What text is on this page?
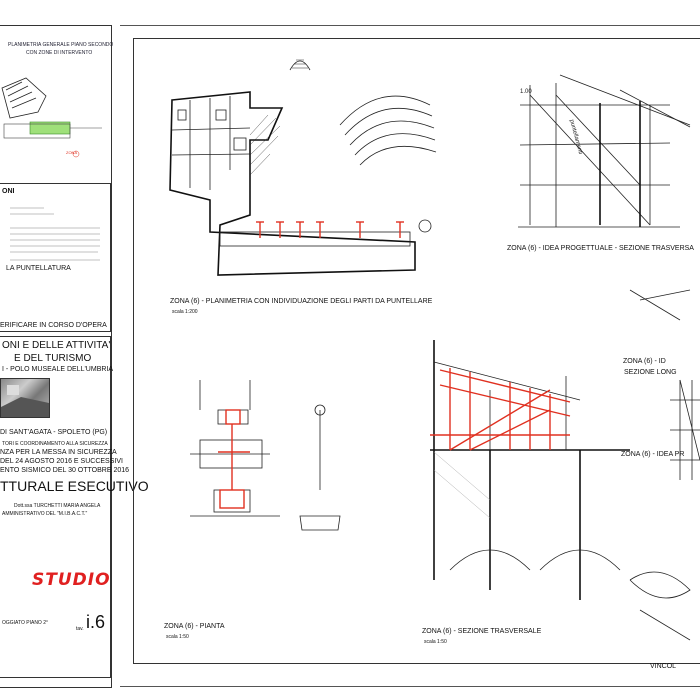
PLANIMETRIA GENERALE PIANO SECONDO
CON ZONE DI INTERVENTO
ZONA
ONI
LA PUNTELLATURA
ERIFICARE IN CORSO D'OPERA
ONI E DELLE ATTIVITA'
E DEL TURISMO
I - POLO MUSEALE DELL'UMBRIA
DI SANT'AGATA - SPOLETO (PG)
TORI E COORDINAMENTO ALLA SICUREZZA
NZA PER LA MESSA IN SICUREZZA
DEL 24 AGOSTO 2016 E SUCCESSIVI
ENTO SISMICO DEL 30 OTTOBRE 2016
TTURALE ESECUTIVO
Dott.ssa TURCHETTI MARIA ANGELA
AMMINISTRATIVO DEL "M.I.B.A.C.T."
STUDIO
OGGIATO PIANO 2°
tav. i.6
ZONA (6) - PLANIMETRIA CON INDIVIDUAZIONE DEGLI PARTI DA PUNTELLARE
scala 1:200
puntellamenti
1.00
ZONA (6) - IDEA PROGETTUALE - SEZIONE TRASVERSA
ZONA (6) - PIANTA
scala 1:50
ZONA (6) - SEZIONE TRASVERSALE
scala 1:50
ZONA (6) - ID
SEZIONE LONG
ZONA (6) - IDEA PR
VINCOL
